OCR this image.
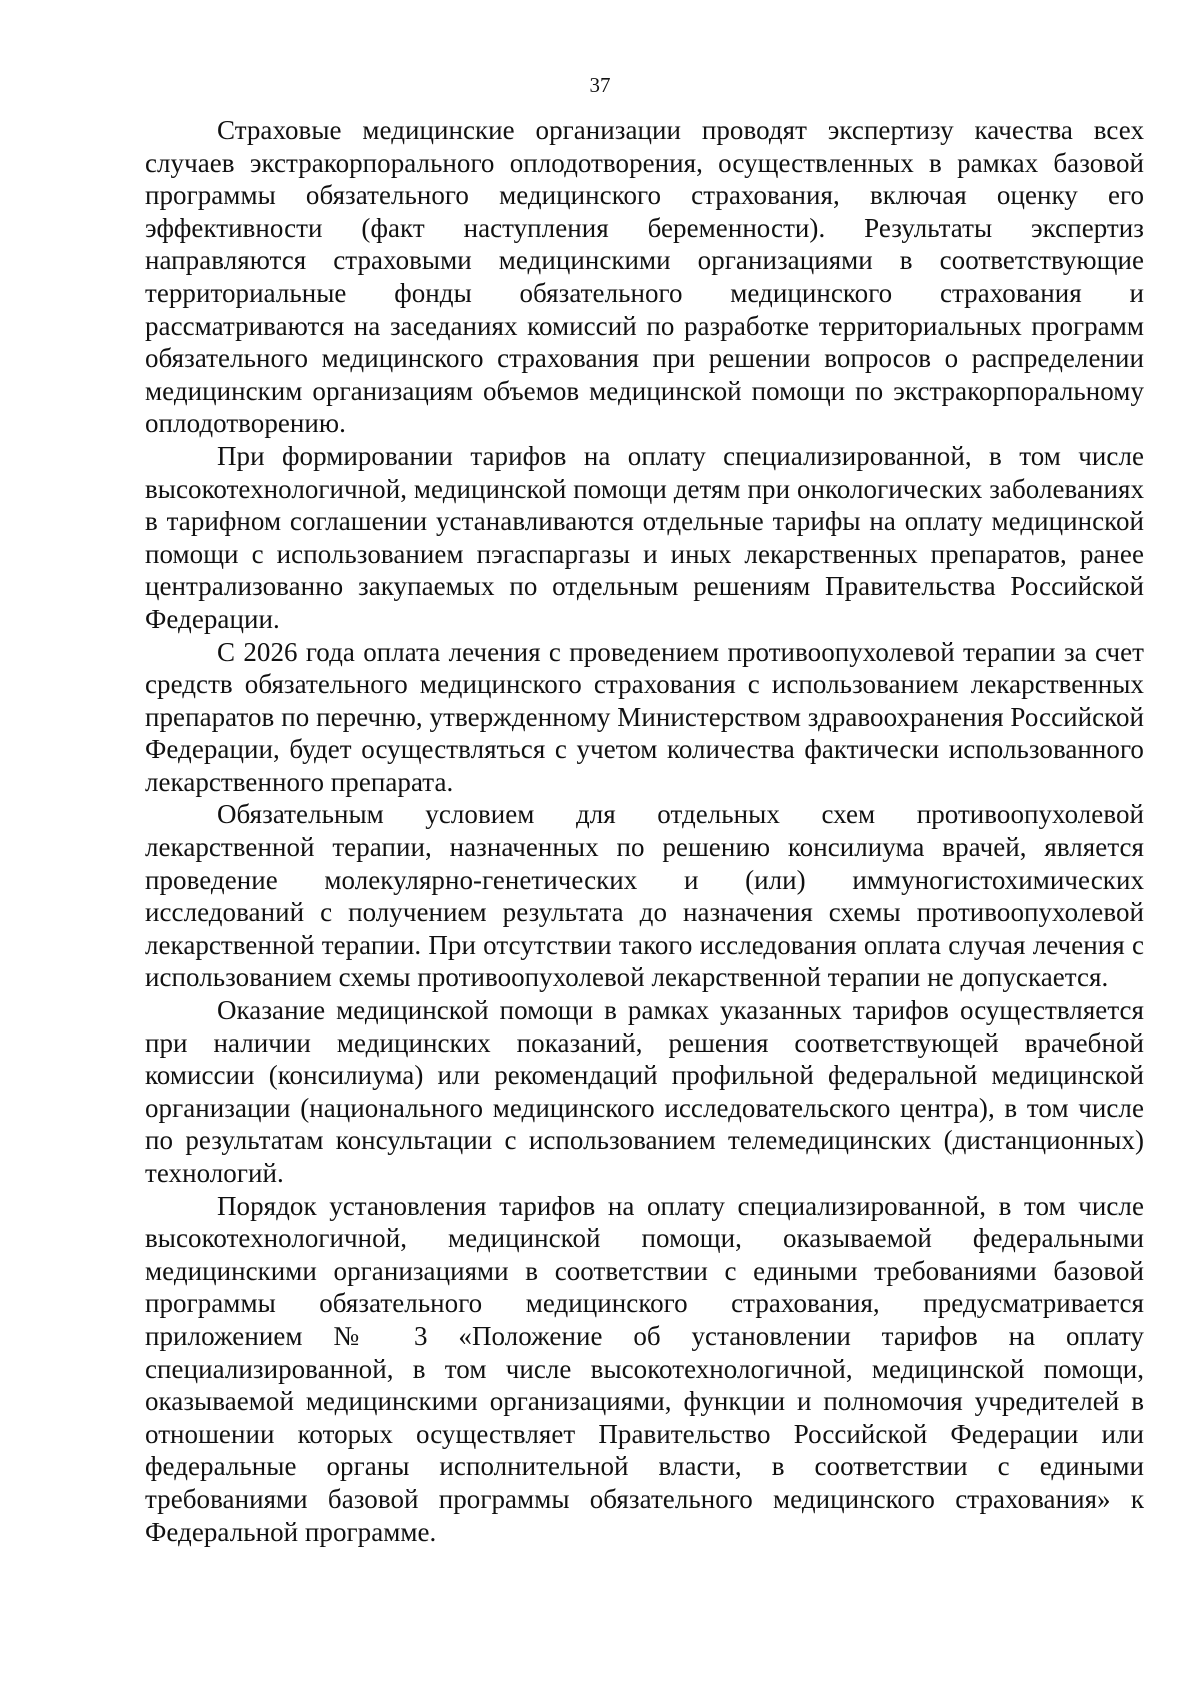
37

Страховые медицинские организации проводят экспертизу качества всех случаев экстракорпорального оплодотворения, осуществленных в рамках базовой программы обязательного медицинского страхования, включая оценку его эффективности (факт наступления беременности). Результаты экспертиз направляются страховыми медицинскими организациями в соответствующие территориальные фонды обязательного медицинского страхования и рассматриваются на заседаниях комиссий по разработке территориальных программ обязательного медицинского страхования при решении вопросов о распределении медицинским организациям объемов медицинской помощи по экстракорпоральному оплодотворению.

При формировании тарифов на оплату специализированной, в том числе высокотехнологичной, медицинской помощи детям при онкологических заболеваниях в тарифном соглашении устанавливаются отдельные тарифы на оплату медицинской помощи с использованием пэгаспаргазы и иных лекарственных препаратов, ранее централизованно закупаемых по отдельным решениям Правительства Российской Федерации.

С 2026 года оплата лечения с проведением противоопухолевой терапии за счет средств обязательного медицинского страхования с использованием лекарственных препаратов по перечню, утвержденному Министерством здравоохранения Российской Федерации, будет осуществляться с учетом количества фактически использованного лекарственного препарата.

Обязательным условием для отдельных схем противоопухолевой лекарственной терапии, назначенных по решению консилиума врачей, является проведение молекулярно-генетических и (или) иммуногистохимических исследований с получением результата до назначения схемы противоопухолевой лекарственной терапии. При отсутствии такого исследования оплата случая лечения с использованием схемы противоопухолевой лекарственной терапии не допускается.

Оказание медицинской помощи в рамках указанных тарифов осуществляется при наличии медицинских показаний, решения соответствующей врачебной комиссии (консилиума) или рекомендаций профильной федеральной медицинской организации (национального медицинского исследовательского центра), в том числе по результатам консультации с использованием телемедицинских (дистанционных) технологий.

Порядок установления тарифов на оплату специализированной, в том числе высокотехнологичной, медицинской помощи, оказываемой федеральными медицинскими организациями в соответствии с едиными требованиями базовой программы обязательного медицинского страхования, предусматривается приложением № 3 «Положение об установлении тарифов на оплату специализированной, в том числе высокотехнологичной, медицинской помощи, оказываемой медицинскими организациями, функции и полномочия учредителей в отношении которых осуществляет Правительство Российской Федерации или федеральные органы исполнительной власти, в соответствии с едиными требованиями базовой программы обязательного медицинского страхования» к Федеральной программе.
